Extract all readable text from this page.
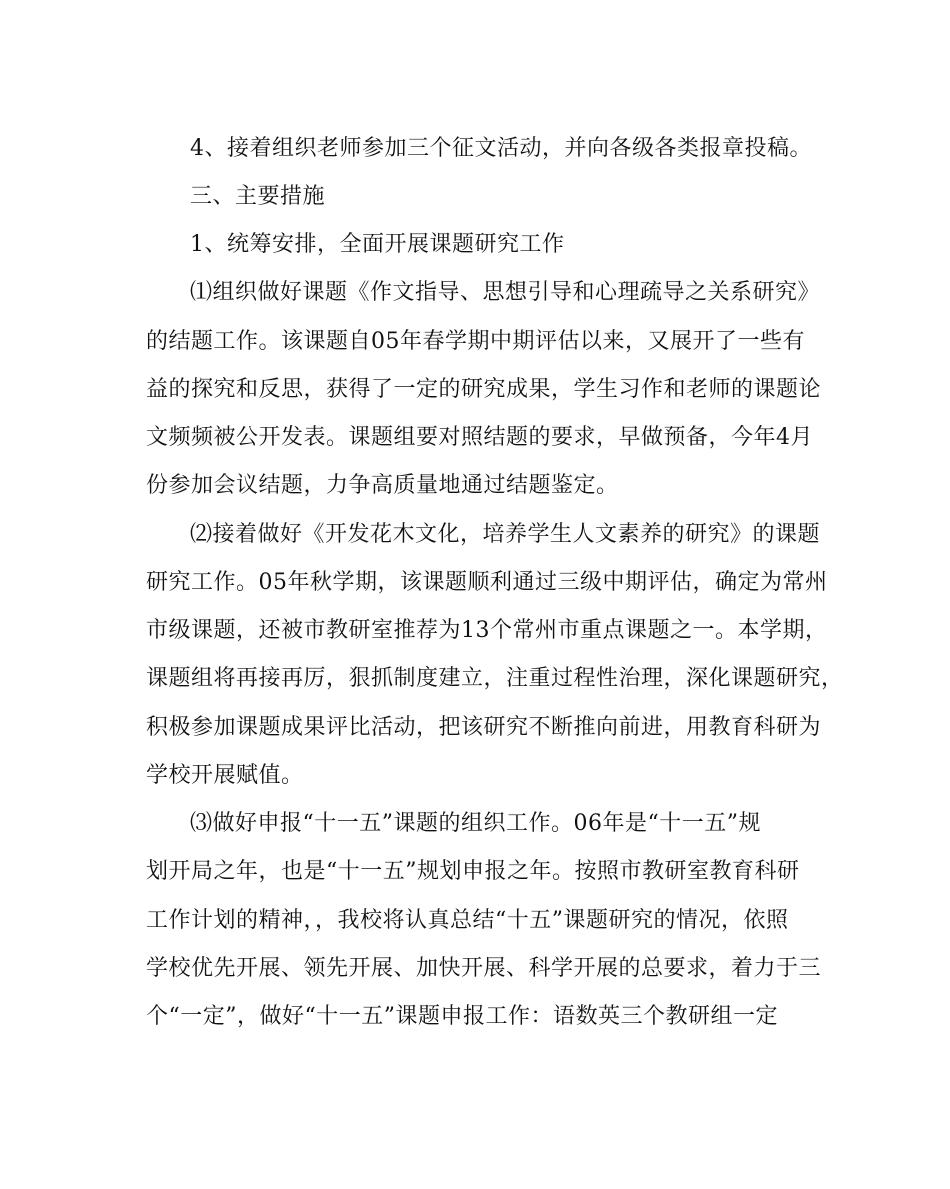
4、接着组织老师参加三个征文活动，并向各级各类报章投稿。
三、主要措施
1、统筹安排，全面开展课题研究工作
⑴组织做好课题《作文指导、思想引导和心理疏导之关系研究》
的结题工作。该课题自05年春学期中期评估以来，又展开了一些有
益的探究和反思，获得了一定的研究成果，学生习作和老师的课题论
文频频被公开发表。课题组要对照结题的要求，早做预备，今年4月
份参加会议结题，力争高质量地通过结题鉴定。
⑵接着做好《开发花木文化，培养学生人文素养的研究》的课题
研究工作。05年秋学期，该课题顺利通过三级中期评估，确定为常州
市级课题，还被市教研室推荐为13个常州市重点课题之一。本学期，
课题组将再接再厉，狠抓制度建立，注重过程性治理，深化课题研究，
积极参加课题成果评比活动，把该研究不断推向前进，用教育科研为
学校开展赋值。
⑶做好申报“十一五”课题的组织工作。06年是“十一五”规
划开局之年，也是“十一五”规划申报之年。按照市教研室教育科研
工作计划的精神，，我校将认真总结“十五”课题研究的情况，依照
学校优先开展、领先开展、加快开展、科学开展的总要求，着力于三
个“一定”，做好“十一五”课题申报工作：语数英三个教研组一定
